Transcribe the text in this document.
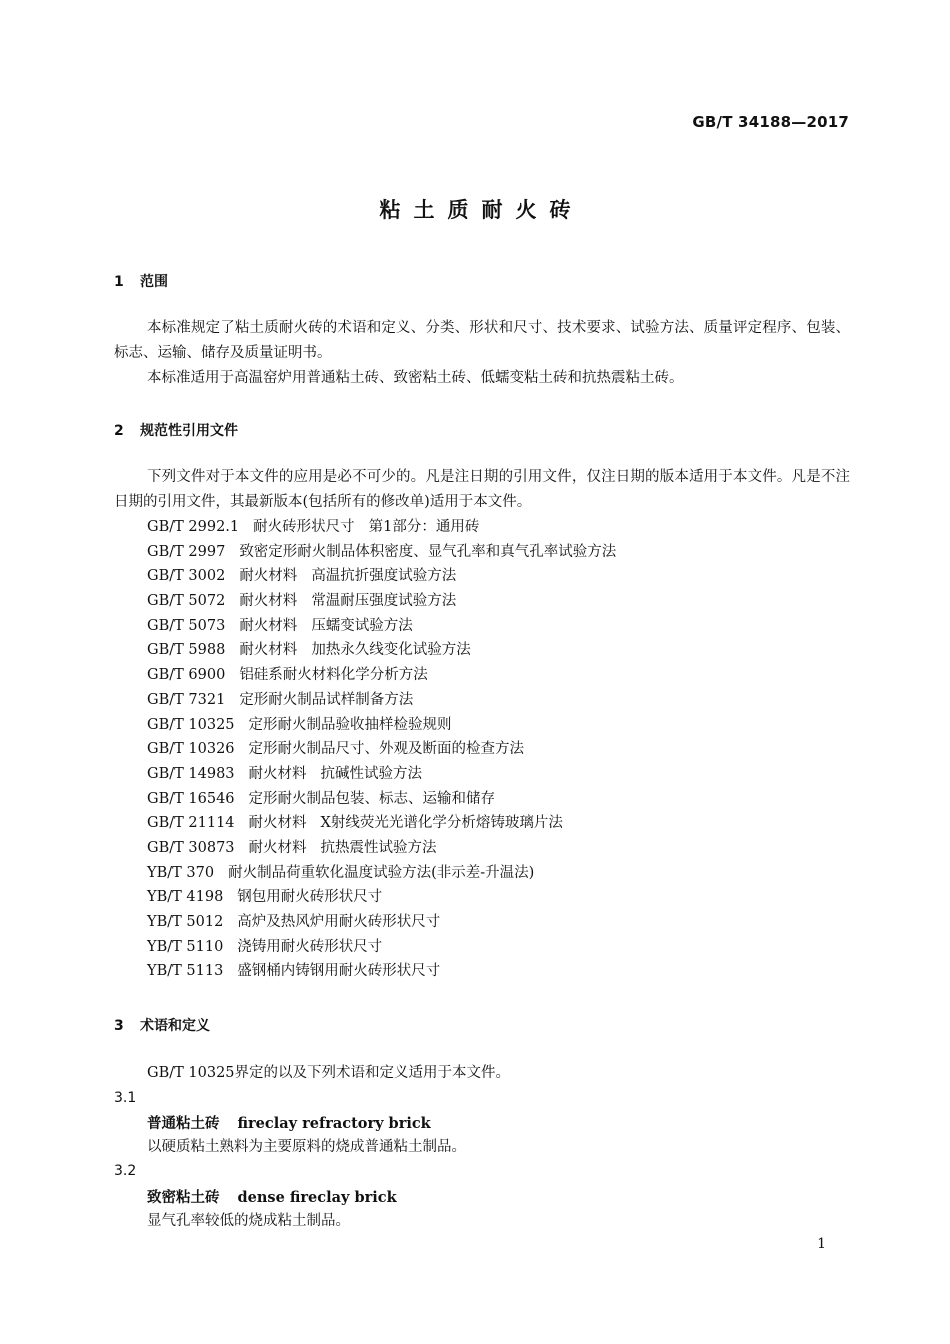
GB/T 34188—2017
粘土质耐火砖
1 范围
本标准规定了粘土质耐火砖的术语和定义、分类、形状和尺寸、技术要求、试验方法、质量评定程序、包装、标志、运输、储存及质量证明书。
本标准适用于高温窑炉用普通粘土砖、致密粘土砖、低蠕变粘土砖和抗热震粘土砖。
2 规范性引用文件
下列文件对于本文件的应用是必不可少的。凡是注日期的引用文件，仅注日期的版本适用于本文件。凡是不注日期的引用文件，其最新版本(包括所有的修改单)适用于本文件。
GB/T 2992.1 耐火砖形状尺寸 第1部分：通用砖
GB/T 2997 致密定形耐火制品体积密度、显气孔率和真气孔率试验方法
GB/T 3002 耐火材料 高温抗折强度试验方法
GB/T 5072 耐火材料 常温耐压强度试验方法
GB/T 5073 耐火材料 压蠕变试验方法
GB/T 5988 耐火材料 加热永久线变化试验方法
GB/T 6900 铝硅系耐火材料化学分析方法
GB/T 7321 定形耐火制品试样制备方法
GB/T 10325 定形耐火制品验收抽样检验规则
GB/T 10326 定形耐火制品尺寸、外观及断面的检查方法
GB/T 14983 耐火材料 抗碱性试验方法
GB/T 16546 定形耐火制品包装、标志、运输和储存
GB/T 21114 耐火材料 X射线荧光光谱化学分析熔铸玻璃片法
GB/T 30873 耐火材料 抗热震性试验方法
YB/T 370 耐火制品荷重软化温度试验方法(非示差-升温法)
YB/T 4198 钢包用耐火砖形状尺寸
YB/T 5012 高炉及热风炉用耐火砖形状尺寸
YB/T 5110 浇铸用耐火砖形状尺寸
YB/T 5113 盛钢桶内铸钢用耐火砖形状尺寸
3 术语和定义
GB/T 10325界定的以及下列术语和定义适用于本文件。
3.1
普通粘土砖 fireclay refractory brick
以硬质粘土熟料为主要原料的烧成普通粘土制品。
3.2
致密粘土砖 dense fireclay brick
显气孔率较低的烧成粘土制品。
1
